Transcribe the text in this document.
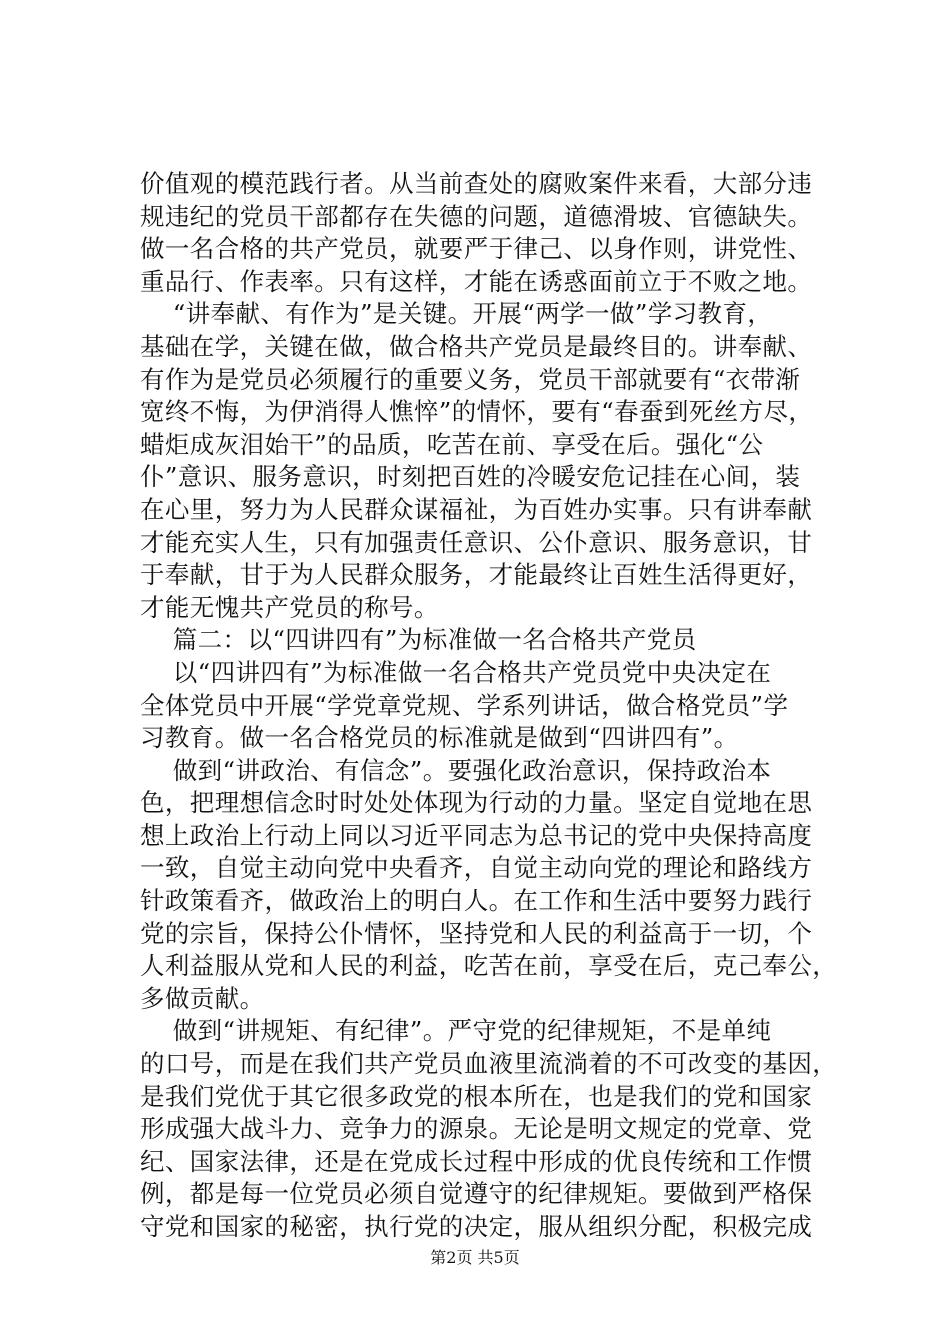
价值观的模范践行者。从当前查处的腐败案件来看，大部分违
规违纪的党员干部都存在失德的问题，道德滑坡、官德缺失。
做一名合格的共产党员，就要严于律己、以身作则，讲党性、
重品行、作表率。只有这样，才能在诱惑面前立于不败之地。
“讲奉献、有作为”是关键。开展“两学一做”学习教育，
基础在学，关键在做，做合格共产党员是最终目的。讲奉献、
有作为是党员必须履行的重要义务，党员干部就要有“衣带渐
宽终不悔，为伊消得人憔悴”的情怀，要有“春蚕到死丝方尽，
蜡炬成灰泪始干”的品质，吃苦在前、享受在后。强化“公
仆”意识、服务意识，时刻把百姓的冷暖安危记挂在心间，装
在心里，努力为人民群众谋福祉，为百姓办实事。只有讲奉献
才能充实人生，只有加强责任意识、公仆意识、服务意识，甘
于奉献，甘于为人民群众服务，才能最终让百姓生活得更好，
才能无愧共产党员的称号。
篇二：以“四讲四有”为标准做一名合格共产党员
以“四讲四有”为标准做一名合格共产党员党中央决定在
全体党员中开展“学党章党规、学系列讲话，做合格党员”学
习教育。做一名合格党员的标准就是做到“四讲四有”。
做到“讲政治、有信念”。要强化政治意识，保持政治本
色，把理想信念时时处处体现为行动的力量。坚定自觉地在思
想上政治上行动上同以习近平同志为总书记的党中央保持高度
一致，自觉主动向党中央看齐，自觉主动向党的理论和路线方
针政策看齐，做政治上的明白人。在工作和生活中要努力践行
党的宗旨，保持公仆情怀，坚持党和人民的利益高于一切，个
人利益服从党和人民的利益，吃苦在前，享受在后，克己奉公，
多做贡献。
做到“讲规矩、有纪律”。严守党的纪律规矩，不是单纯
的口号，而是在我们共产党员血液里流淌着的不可改变的基因，
是我们党优于其它很多政党的根本所在，也是我们的党和国家
形成强大战斗力、竞争力的源泉。无论是明文规定的党章、党
纪、国家法律，还是在党成长过程中形成的优良传统和工作惯
例，都是每一位党员必须自觉遵守的纪律规矩。要做到严格保
守党和国家的秘密，执行党的决定，服从组织分配，积极完成
第2页 共5页
